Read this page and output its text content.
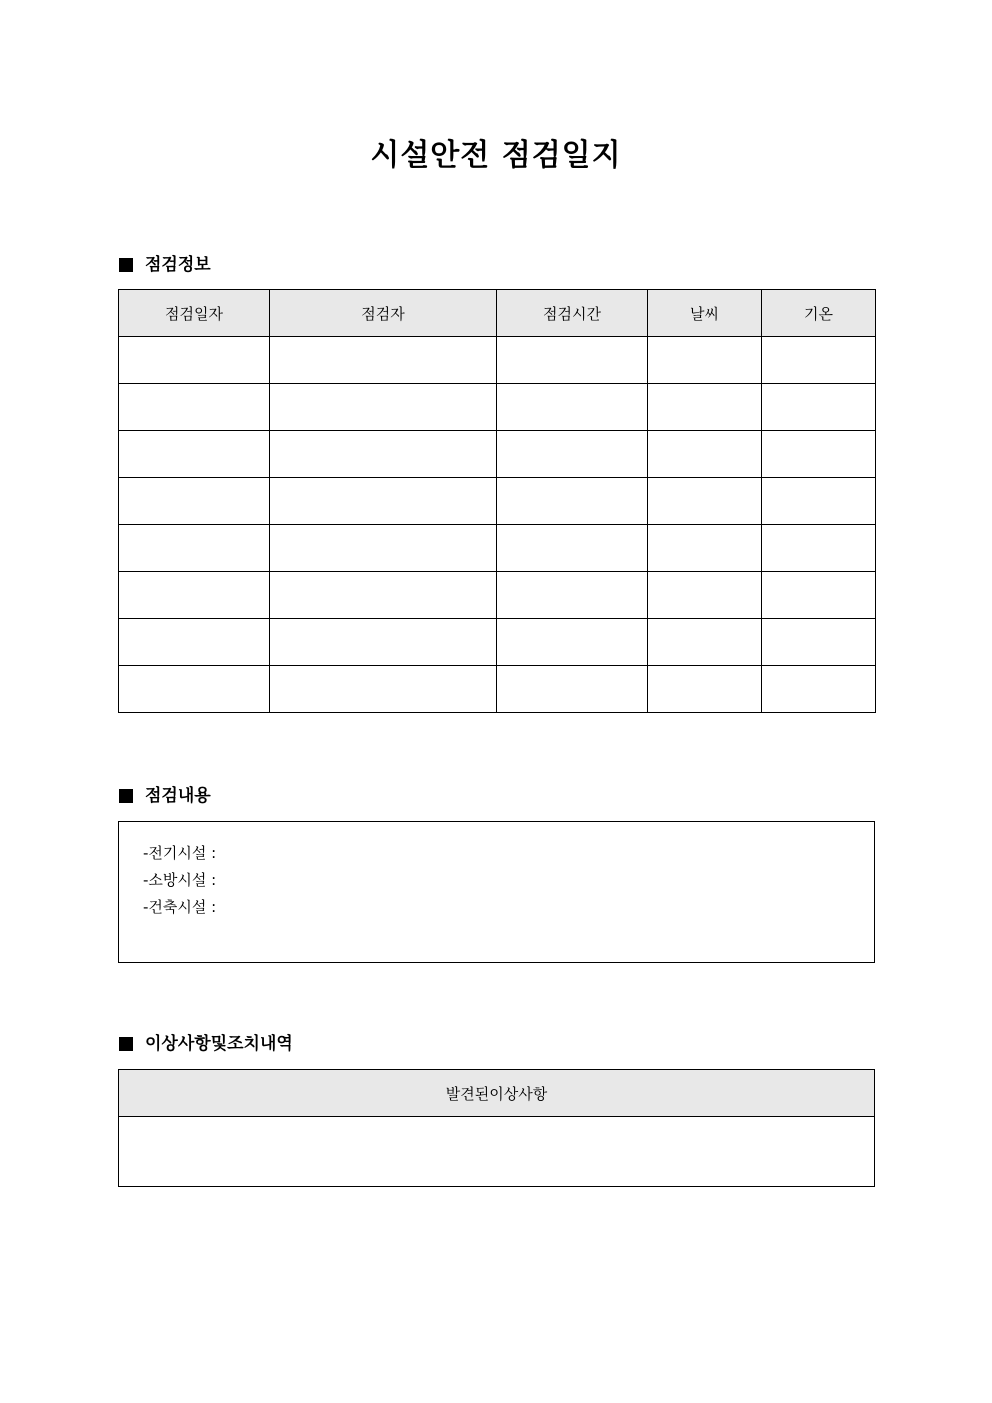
시설안전 점검일지
점검정보
점검일자	점검자	점검시간	날씨	기온

점검내용
-전기시설 :
-소방시설 :
-건축시설 :
이상사항및조치내역
발견된이상사항
